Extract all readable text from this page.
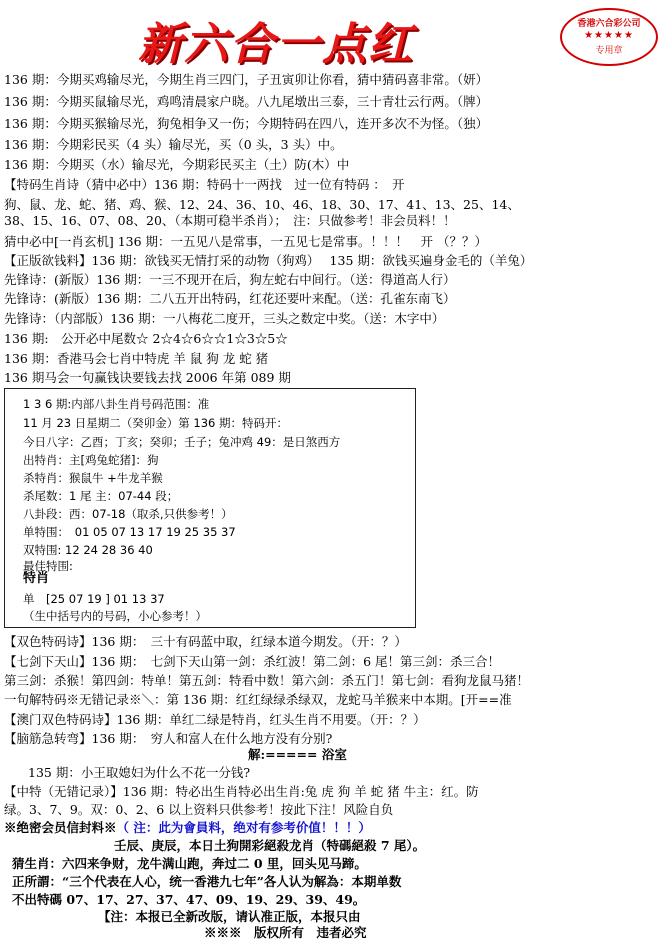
新六合一点红	香港六合彩公司
★★★★★
专用章
136 期：今期买鸡输尽光，今期生肖三四门，子丑寅卯让你看，猜中猜码喜非常。（妍）
136 期：今期买鼠输尽光，鸡鸣清晨家户晓。八九尾墩出三泰，三十青壮云行两。（牌）
136 期：今期买猴输尽光，狗兔相争又一伤；今期特码在四八，连开多次不为怪。（独）
136 期：今期彩民买（4 头）输尽光，买（0 头，3 头）中。
136 期：今期买（水）输尽光，今期彩民买主（土）防(木）中
【特码生肖诗（猜中必中）136 期：特码十一两找　过一位有特码 ：　开
狗、鼠、龙、蛇、猪、鸡、猴、12、24、36、10、46、18、30、17、41、13、25、14、
38、15、16、07、08、20、（本期可稳半杀肖）；　注：只做参考！非会员料！！
猜中必中[一肖玄机] 136 期：一五见八是常事，一五见七是常事。！！！　开 （？？）
【正版欲钱料】136 期：欲钱买无情打采的动物（狗鸡）　 135 期：欲钱买遍身金毛的（羊兔）
先锋诗：(新版）136 期：一三不现开在后，狗左蛇右中间行。（送：得道高人行）
先锋诗：(新版）136 期：二八五开出特码，红花还要叶来配。（送：孔雀东南飞）
先锋诗：（内部版）136 期：一八梅花二度开，三头之数定中奖。（送：木字中）
136 期:　公开必中尾数☆ 2☆4☆6☆☆1☆3☆5☆
136 期：香港马会七肖中特虎 羊 鼠 狗 龙 蛇 猪
136 期马会一句赢钱诀要钱去找 2006 年第 089 期
1 3 6 期:内部八卦生肖号码范围：准
11 月 23 日星期二（癸卯金）第 136 期：特码开：
今日八字：乙酉；丁亥；癸卯；壬子；兔冲鸡 49：是日煞西方
出特肖：主[鸡兔蛇猪]：狗
杀特肖：猴鼠牛 +牛龙羊猴
杀尾数：1 尾 主：07-44 段；
八卦段：西：07-18（取杀,只供参考！）
单特围：　01 05 07 13 17 19 25 35 37
双特围: 12 24 28 36 40
最佳特围:
特肖
单　[25 07 19 ] 01 13 37
（生中括号内的号码，小心参考！）
【双色特码诗】136 期：　三十有码蓝中取，红绿本道今期发。（开：？）
【七剑下天山】136 期：　七剑下天山第一剑：杀红波！第二剑：6 尾！第三剑：杀三合！
第三剑：杀猴！第四剑：特单！第五剑：特看中数！第六剑：杀五门！第七剑：看狗龙鼠马猪！
一句解特码※无错记录※＼：第 136 期：红红绿绿杀绿双，龙蛇马羊猴来中本期。[开==准
【澳门双色特码诗】136 期：单红二绿是特肖，红头生肖不用要。（开：？）
【脑筋急转弯】136 期：　穷人和富人在什么地方没有分别?
解:===== 浴室
135 期：小王取媳妇为什么不花一分钱?
【中特（无错记录）】136 期：特必出生肖特必出生肖:兔 虎 狗 羊 蛇 猪 牛主：红。防
绿。3、7、9。双：0、2、6 以上资料只供参考！按此下注！风险自负
※绝密会员信封料※（ 注：此为會員料，绝对有参考价值！！！）
壬辰、庚辰，本日土狗開彩絕殺龙肖（特碼絕殺 7 尾）。
猜生肖：六四来争财，龙牛满山跑，奔过二 0 里，回头见马蹄。
正所謂：“三个代表在人心，统一香港九七年”各人认为解為：本期单数
不出特碼 07、17、27、37、47、09、19、29、39、49。
【注：本报已全新改版，请认准正版，本报只由
※※※　版权所有　违者必究
